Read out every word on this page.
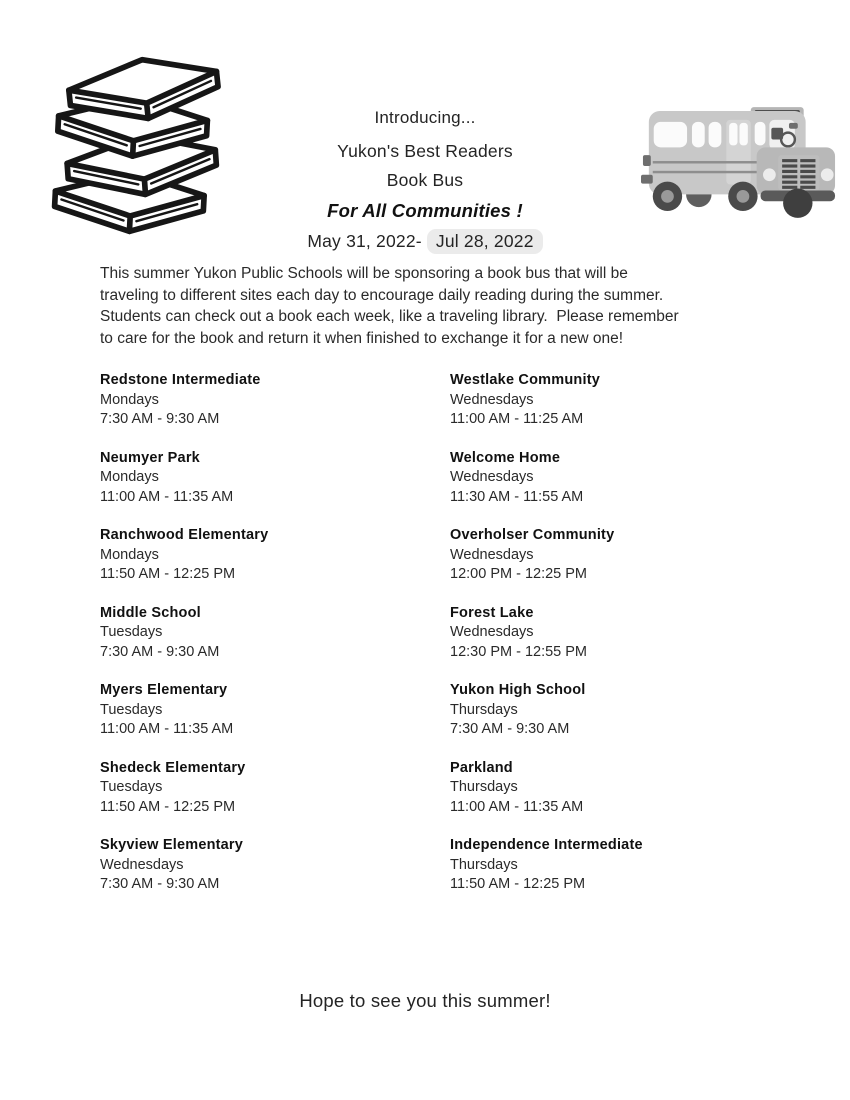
Introducing...

Yukon's Best Readers

Book Bus

For All Communities !

May 31, 2022- Jul 28, 2022

This summer Yukon Public Schools will be sponsoring a book bus that will be
traveling to different sites each day to encourage daily reading during the summer.
Students can check out a book each week, like a traveling library.  Please remember
to care for the book and return it when finished to exchange it for a new one!
Redstone Intermediate
Mondays
7:30 AM - 9:30 AM
Neumyer Park
Mondays
11:00 AM - 11:35 AM
Ranchwood Elementary
Mondays
11:50 AM - 12:25 PM
Middle School
Tuesdays
7:30 AM - 9:30 AM
Myers Elementary
Tuesdays
11:00 AM - 11:35 AM
Shedeck Elementary
Tuesdays
11:50 AM - 12:25 PM
Skyview Elementary
Wednesdays
7:30 AM - 9:30 AM
Westlake Community
Wednesdays
11:00 AM - 11:25 AM
Welcome Home
Wednesdays
11:30 AM - 11:55 AM
Overholser Community
Wednesdays
12:00 PM - 12:25 PM
Forest Lake
Wednesdays
12:30 PM - 12:55 PM
Yukon High School
Thursdays
7:30 AM - 9:30 AM
Parkland
Thursdays
11:00 AM - 11:35 AM
Independence Intermediate
Thursdays
11:50 AM - 12:25 PM
Hope to see you this summer!
